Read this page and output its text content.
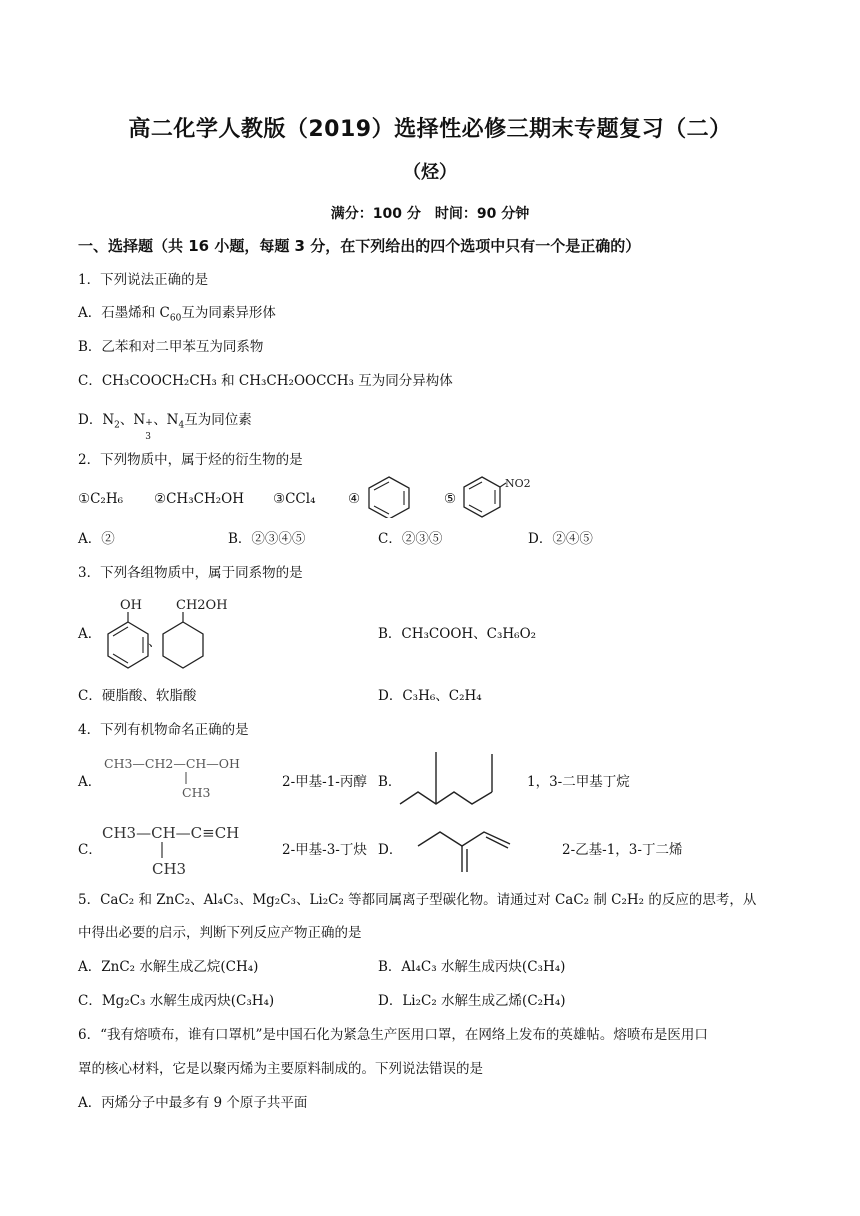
高二化学人教版（2019）选择性必修三期末专题复习（二）
（烃）
满分：100 分　时间：90 分钟
一、选择题（共 16 小题，每题 3 分，在下列给出的四个选项中只有一个是正确的）
1．下列说法正确的是
A．石墨烯和 $C_{60}$互为同素异形体
B．乙苯和对二甲苯互为同系物
C．CH₃COOCH₂CH₃ 和 CH₃CH₂OOCCH₃ 互为同分异构体
D．$N_2$、N +
3
、$N_4$互为同位素
2．下列物质中，属于烃的衍生物的是
①C₂H₆ ②CH₃CH₂OH ③CCl₄ ④	⑤
NO2
A．②	B．②③④⑤	C．②③⑤	D．②④⑤
3．下列各组物质中，属于同系物的是
A．
OH
、
CH2OH
B．CH₃COOH、C₃H₆O₂
C．硬脂酸、软脂酸	D．C₃H₆、C₂H₄
4．下列有机物命名正确的是
A．
CH3—CH2—CH—OH
CH3
2-甲基-1-丙醇 B．	1，3-二甲基丁烷
C．
CH3—CH—C≡CH
CH3
2-甲基-3-丁炔 D．	2-乙基-1，3-丁二烯
5．CaC₂ 和 ZnC₂、Al₄C₃、Mg₂C₃、Li₂C₂ 等都同属离子型碳化物。请通过对 CaC₂ 制 C₂H₂ 的反应的思考，从
中得出必要的启示，判断下列反应产物正确的是
A．ZnC₂ 水解生成乙烷(CH₄)	B．Al₄C₃ 水解生成丙炔(C₃H₄)
C．Mg₂C₃ 水解生成丙炔(C₃H₄)	D．Li₂C₂ 水解生成乙烯(C₂H₄)
6．“我有熔喷布，谁有口罩机”是中国石化为紧急生产医用口罩，在网络上发布的英雄帖。熔喷布是医用口
罩的核心材料，它是以聚丙烯为主要原料制成的。下列说法错误的是
A．丙烯分子中最多有 9 个原子共平面
